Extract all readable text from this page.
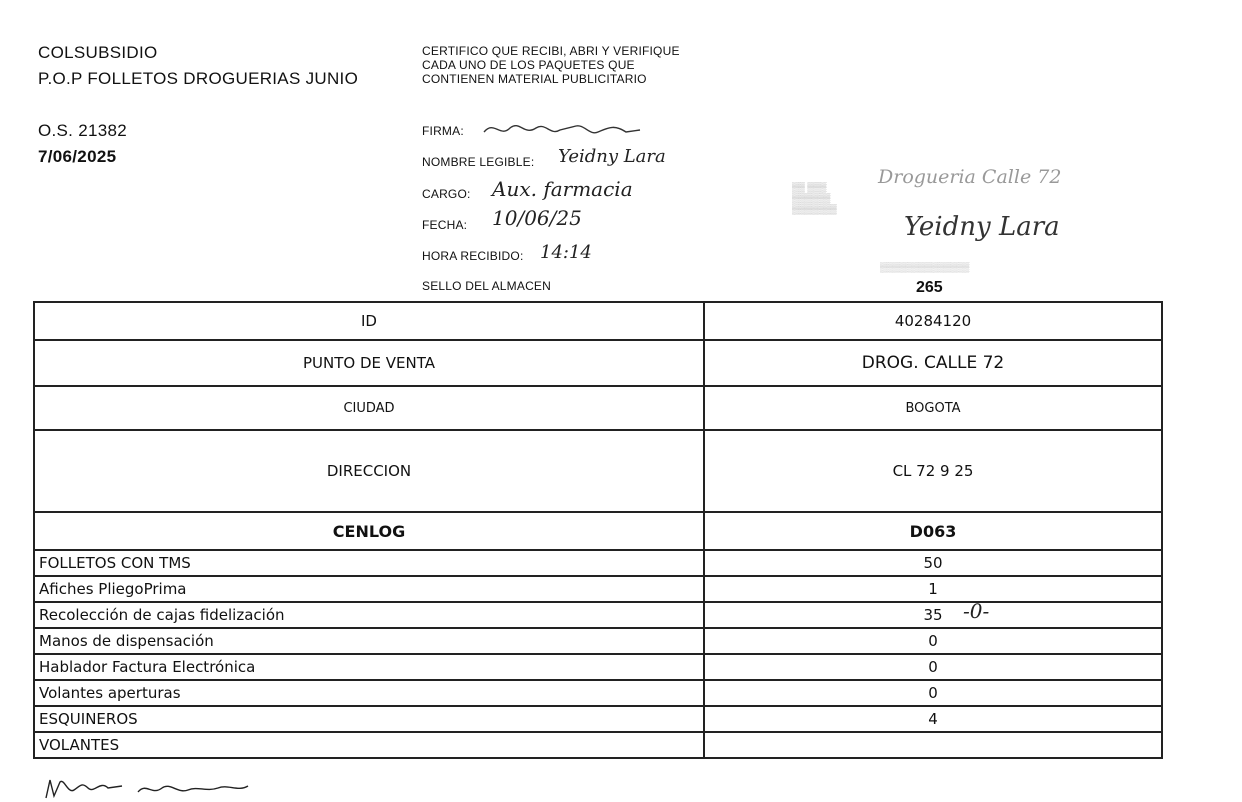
COLSUBSIDIO
P.O.P FOLLETOS DROGUERIAS JUNIO
O.S. 21382
7/06/2025
CERTIFICO QUE RECIBI, ABRI Y VERIFIQUE CADA UNO DE LOS PAQUETES QUE CONTIENEN MATERIAL PUBLICITARIO
FIRMA:
NOMBRE LEGIBLE: Yeidny Lara
CARGO: Aux. farmacia
FECHA: 10/06/25
HORA RECIBIDO: 14:14
SELLO DEL ALMACEN
Drogueria Calle 72
▒▒ ▒▒▒
▒▒▒▒▒▒
▒▒▒▒▒▒▒
Yeidny Lara
▒▒▒▒▒▒▒▒▒▒▒▒▒▒
265
ID	40284120
PUNTO DE VENTA	DROG. CALLE 72
CIUDAD	BOGOTA
DIRECCION	CL 72 9 25
CENLOG	D063
FOLLETOS CON TMS	50
Afiches PliegoPrima	1
Recolección de cajas fidelización	35 -0-

Manos de dispensación	0
Hablador Factura Electrónica	0
Volantes aperturas	0
ESQUINEROS	4
VOLANTES	
